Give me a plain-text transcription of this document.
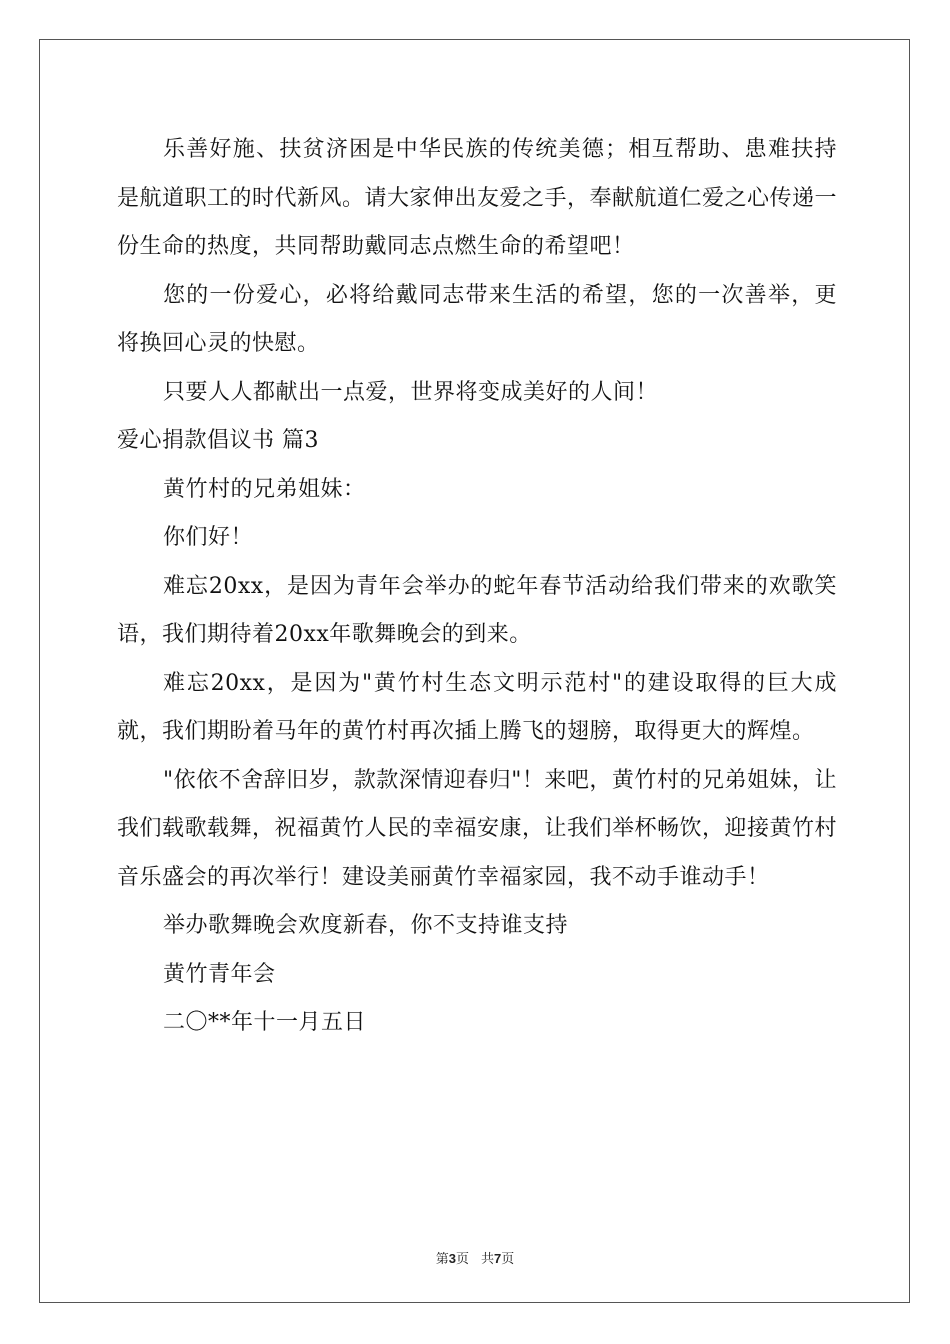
乐善好施、扶贫济困是中华民族的传统美德；相互帮助、患难扶持是航道职工的时代新风。请大家伸出友爱之手，奉献航道仁爱之心传递一份生命的热度，共同帮助戴同志点燃生命的希望吧！

您的一份爱心，必将给戴同志带来生活的希望，您的一次善举，更将换回心灵的快慰。

只要人人都献出一点爱，世界将变成美好的人间！

爱心捐款倡议书 篇3

黄竹村的兄弟姐妹：

你们好！

难忘20xx，是因为青年会举办的蛇年春节活动给我们带来的欢歌笑语，我们期待着20xx年歌舞晚会的到来。

难忘20xx，是因为"黄竹村生态文明示范村"的建设取得的巨大成就，我们期盼着马年的黄竹村再次插上腾飞的翅膀，取得更大的辉煌。

"依依不舍辞旧岁，款款深情迎春归"！来吧，黄竹村的兄弟姐妹，让我们载歌载舞，祝福黄竹人民的幸福安康，让我们举杯畅饮，迎接黄竹村音乐盛会的再次举行！建设美丽黄竹幸福家园，我不动手谁动手！

举办歌舞晚会欢度新春，你不支持谁支持

黄竹青年会

二〇**年十一月五日

第3页 共7页
